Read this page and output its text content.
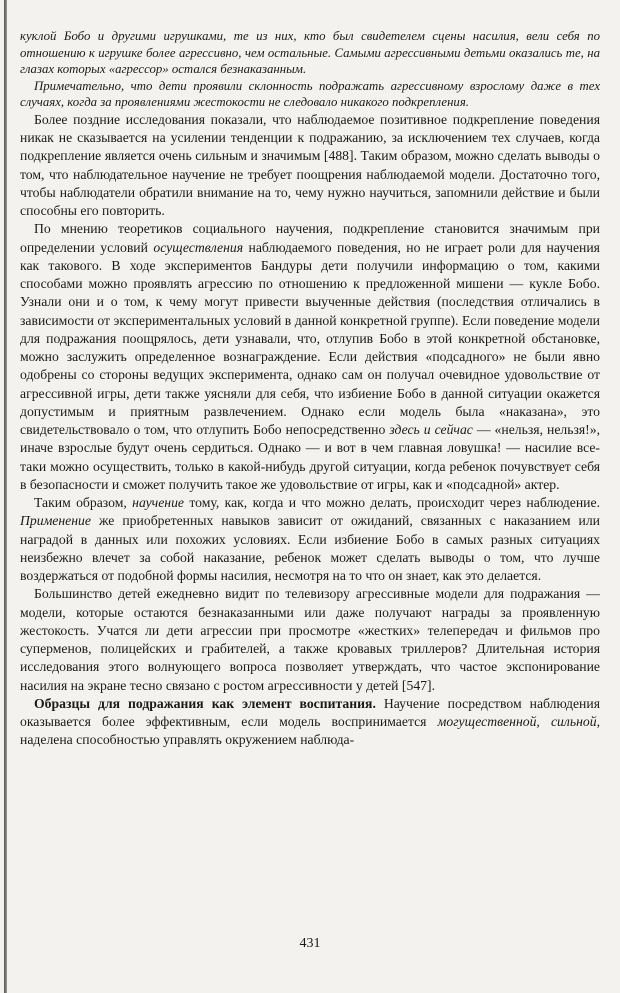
куклой Бобо и другими игрушками, те из них, кто был свидетелем сцены насилия, вели себя по отношению к игрушке более агрессивно, чем остальные. Самыми агрессивными детьми оказались те, на глазах которых «агрессор» остался безнаказанным.

Примечательно, что дети проявили склонность подражать агрессивному взрослому даже в тех случаях, когда за проявлениями жестокости не следовало никакого подкрепления.

Более поздние исследования показали, что наблюдаемое позитивное подкрепление поведения никак не сказывается на усилении тенденции к подражанию, за исключением тех случаев, когда подкрепление является очень сильным и значимым [488]. Таким образом, можно сделать выводы о том, что наблюдательное научение не требует поощрения наблюдаемой модели. Достаточно того, чтобы наблюдатели обратили внимание на то, чему нужно научиться, запомнили действие и были способны его повторить.

По мнению теоретиков социального научения, подкрепление становится значимым при определении условий осуществления наблюдаемого поведения, но не играет роли для научения как такового. В ходе экспериментов Бандуры дети получили информацию о том, какими способами можно проявлять агрессию по отношению к предложенной мишени — кукле Бобо. Узнали они и о том, к чему могут привести выученные действия (последствия отличались в зависимости от экспериментальных условий в данной конкретной группе). Если поведение модели для подражания поощрялось, дети узнавали, что, отлупив Бобо в этой конкретной обстановке, можно заслужить определенное вознаграждение. Если действия «подсадного» не были явно одобрены со стороны ведущих эксперимента, однако сам он получал очевидное удовольствие от агрессивной игры, дети также уясняли для себя, что избиение Бобо в данной ситуации окажется допустимым и приятным развлечением. Однако если модель была «наказана», это свидетельствовало о том, что отлупить Бобо непосредственно здесь и сейчас — «нельзя, нельзя!», иначе взрослые будут очень сердиться. Однако — и вот в чем главная ловушка! — насилие все-таки можно осуществить, только в какой-нибудь другой ситуации, когда ребенок почувствует себя в безопасности и сможет получить такое же удовольствие от игры, как и «подсадной» актер.

Таким образом, научение тому, как, когда и что можно делать, происходит через наблюдение. Применение же приобретенных навыков зависит от ожиданий, связанных с наказанием или наградой в данных или похожих условиях. Если избиение Бобо в самых разных ситуациях неизбежно влечет за собой наказание, ребенок может сделать выводы о том, что лучше воздержаться от подобной формы насилия, несмотря на то что он знает, как это делается.

Большинство детей ежедневно видит по телевизору агрессивные модели для подражания — модели, которые остаются безнаказанными или даже получают награды за проявленную жестокость. Учатся ли дети агрессии при просмотре «жестких» телепередач и фильмов про суперменов, полицейских и грабителей, а также кровавых триллеров? Длительная история исследования этого волнующего вопроса позволяет утверждать, что частое экспонирование насилия на экране тесно связано с ростом агрессивности у детей [547].

Образцы для подражания как элемент воспитания. Научение посредством наблюдения оказывается более эффективным, если модель воспринимается могущественной, сильной, наделена способностью управлять окружением наблюда-

431
